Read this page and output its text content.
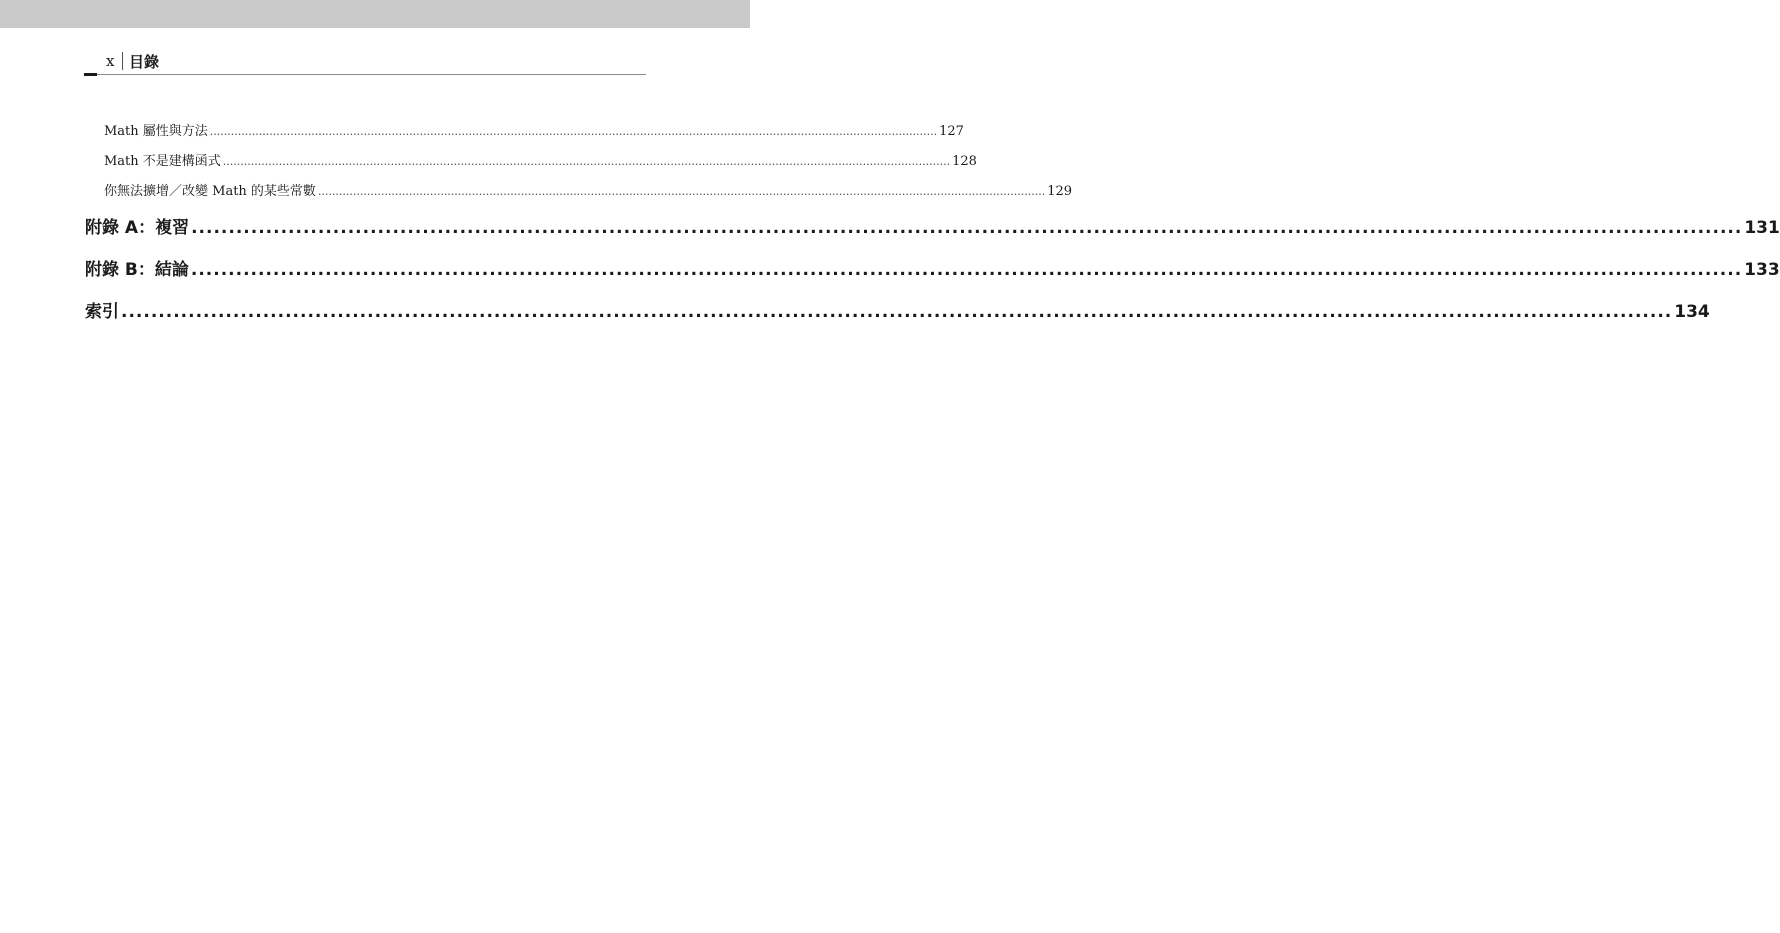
x 目錄
Math 屬性與方法 ................................................................................................................................................................................................................ 127
Math 不是建構函式 ................................................................................................................................................................................................................ 128
你無法擴增／改變 Math 的某些常數 ................................................................................................................................................................................................................ 129
附錄 A：複習 ................................................................................................................................................................................................................ 131
附錄 B：結論 ................................................................................................................................................................................................................ 133
索引 ................................................................................................................................................................................................................ 134
